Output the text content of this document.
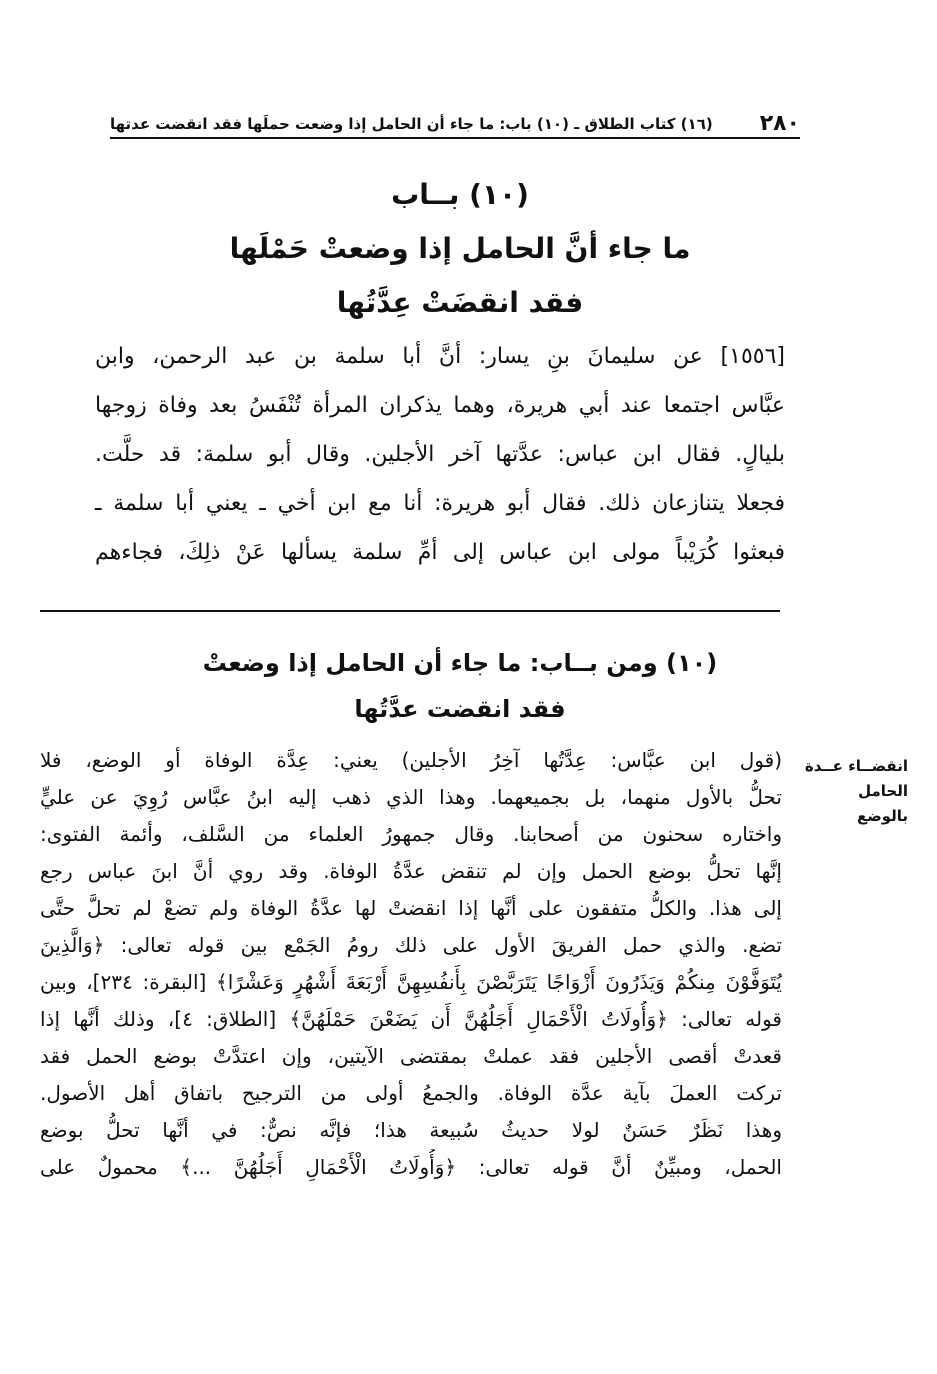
٢٨٠
(١٦) كتاب الطلاق ـ (١٠) باب: ما جاء أن الحامل إذا وضعت حملَها فقد انقضت عدتها
(١٠) بــاب
ما جاء أنَّ الحامل إذا وضعتْ حَمْلَها
فقد انقضَتْ عِدَّتُها

[١٥٥٦] عن سليمانَ بنِ يسار: أنَّ أبا سلمة بن عبد الرحمن، وابن

عبَّاس اجتمعا عند أبي هريرة، وهما يذكران المرأة تُنْفَسُ بعد وفاة زوجها

بليالٍ. فقال ابن عباس: عدَّتها آخر الأجلين. وقال أبو سلمة: قد حلَّت.

فجعلا يتنازعان ذلك. فقال أبو هريرة: أنا مع ابن أخي ـ يعني أبا سلمة ـ

فبعثوا كُرَيْباً مولى ابن عباس إلى أمِّ سلمة يسألها عَنْ ذلِكَ، فجاءهم

(١٠) ومن بــاب: ما جاء أن الحامل إذا وضعتْ
فقد انقضت عدَّتُها
انقضــاء عــدة
الحامل
بالوضع

(قول ابن عبَّاس: عِدَّتُها آخِرُ الأجلين) يعني: عِدَّة الوفاة أو الوضع، فلا

تحلُّ بالأول منهما، بل بجميعهما. وهذا الذي ذهب إليه ابنُ عبَّاس رُوِيَ عن عليٍّ

واختاره سحنون من أصحابنا. وقال جمهورُ العلماء من السَّلف، وأئمة الفتوى:

إنَّها تحلُّ بوضع الحمل وإن لم تنقض عدَّةُ الوفاة. وقد روي أنَّ ابنَ عباس رجع

إلى هذا. والكلُّ متفقون على أنَّها إذا انقضتْ لها عدَّةُ الوفاة ولم تضعْ لم تحلَّ حتَّى

تضع. والذي حمل الفريقَ الأول على ذلك رومُ الجَمْع بين قوله تعالى: ﴿وَالَّذِينَ

يُتَوَفَّوْنَ مِنكُمْ وَيَذَرُونَ أَزْوَاجًا يَتَرَبَّصْنَ بِأَنفُسِهِنَّ أَرْبَعَةَ أَشْهُرٍ وَعَشْرًا﴾ [البقرة: ٢٣٤]، وبين

قوله تعالى: ﴿وَأُولَاتُ الْأَحْمَالِ أَجَلُهُنَّ أَن يَضَعْنَ حَمْلَهُنَّ﴾ [الطلاق: ٤]، وذلك أنَّها إذا

قعدتْ أقصى الأجلين فقد عملتْ بمقتضى الآيتين، وإن اعتدَّتْ بوضع الحمل فقد

تركت العملَ بآية عدَّة الوفاة. والجمعُ أولى من الترجيح باتفاق أهل الأصول.

وهذا نَظَرٌ حَسَنٌ لولا حديثُ سُبيعة هذا؛ فإنَّه نصٌّ: في أنَّها تحلُّ بوضع

الحمل، ومبيِّنٌ أنَّ قوله تعالى: ﴿وَأُولَاتُ الْأَحْمَالِ أَجَلُهُنَّ ...﴾ محمولٌ على
